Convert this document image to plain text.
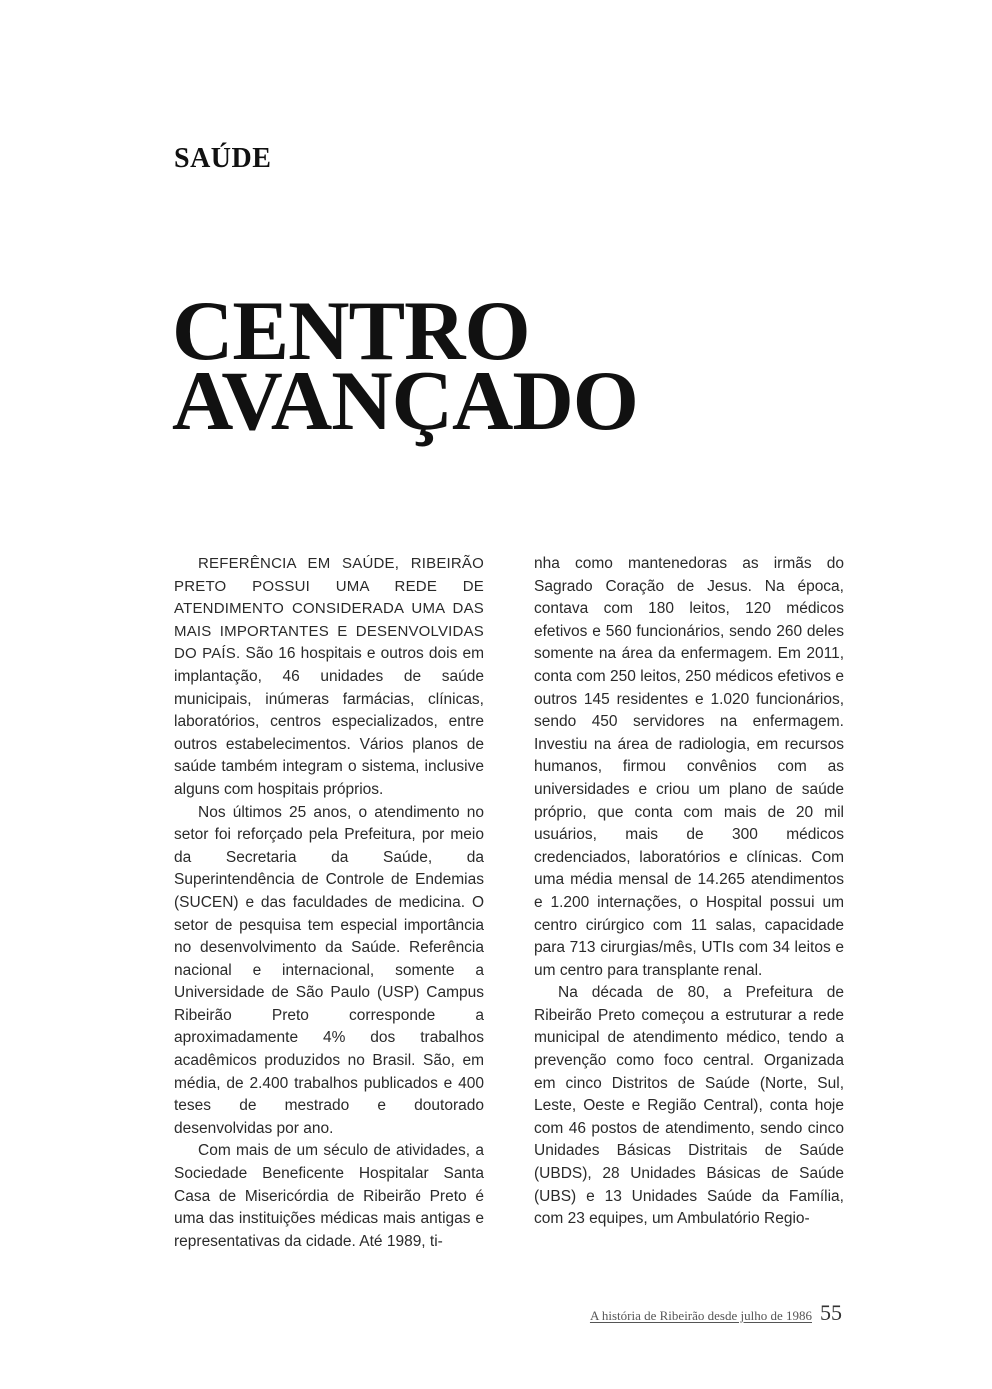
SAÚDE
CENTRO
AVANÇADO

REFERÊNCIA EM SAÚDE, RIBEIRÃO PRETO POSSUI UMA REDE DE ATENDIMENTO CONSIDERADA UMA DAS MAIS IMPORTANTES E DESENVOLVIDAS DO PAÍS. São 16 hospitais e outros dois em implantação, 46 unidades de saúde municipais, inúmeras farmácias, clínicas, laboratórios, centros especializados, entre outros estabelecimentos. Vários planos de saúde também integram o sistema, inclusive alguns com hospitais próprios.

Nos últimos 25 anos, o atendimento no setor foi reforçado pela Prefeitura, por meio da Secretaria da Saúde, da Superintendência de Controle de Endemias (SUCEN) e das faculdades de medicina. O setor de pesquisa tem especial importância no desenvolvimento da Saúde. Referência nacional e internacional, somente a Universidade de São Paulo (USP) Campus Ribeirão Preto corresponde a aproximadamente 4% dos trabalhos acadêmicos produzidos no Brasil. São, em média, de 2.400 trabalhos publicados e 400 teses de mestrado e doutorado desenvolvidas por ano.

Com mais de um século de atividades, a Sociedade Beneficente Hospitalar Santa Casa de Misericórdia de Ribeirão Preto é uma das instituições médicas mais antigas e representativas da cidade. Até 1989, ti-

nha como mantenedoras as irmãs do Sagrado Coração de Jesus. Na época, contava com 180 leitos, 120 médicos efetivos e 560 funcionários, sendo 260 deles somente na área da enfermagem. Em 2011, conta com 250 leitos, 250 médicos efetivos e outros 145 residentes e 1.020 funcionários, sendo 450 servidores na enfermagem. Investiu na área de radiologia, em recursos humanos, firmou convênios com as universidades e criou um plano de saúde próprio, que conta com mais de 20 mil usuários, mais de 300 médicos credenciados, laboratórios e clínicas. Com uma média mensal de 14.265 atendimentos e 1.200 internações, o Hospital possui um centro cirúrgico com 11 salas, capacidade para 713 cirurgias/mês, UTIs com 34 leitos e um centro para transplante renal.

Na década de 80, a Prefeitura de Ribeirão Preto começou a estruturar a rede municipal de atendimento médico, tendo a prevenção como foco central. Organizada em cinco Distritos de Saúde (Norte, Sul, Leste, Oeste e Região Central), conta hoje com 46 postos de atendimento, sendo cinco Unidades Básicas Distritais de Saúde (UBDS), 28 Unidades Básicas de Saúde (UBS) e 13 Unidades Saúde da Família, com 23 equipes, um Ambulatório Regio-

A história de Ribeirão desde julho de 1986 55
